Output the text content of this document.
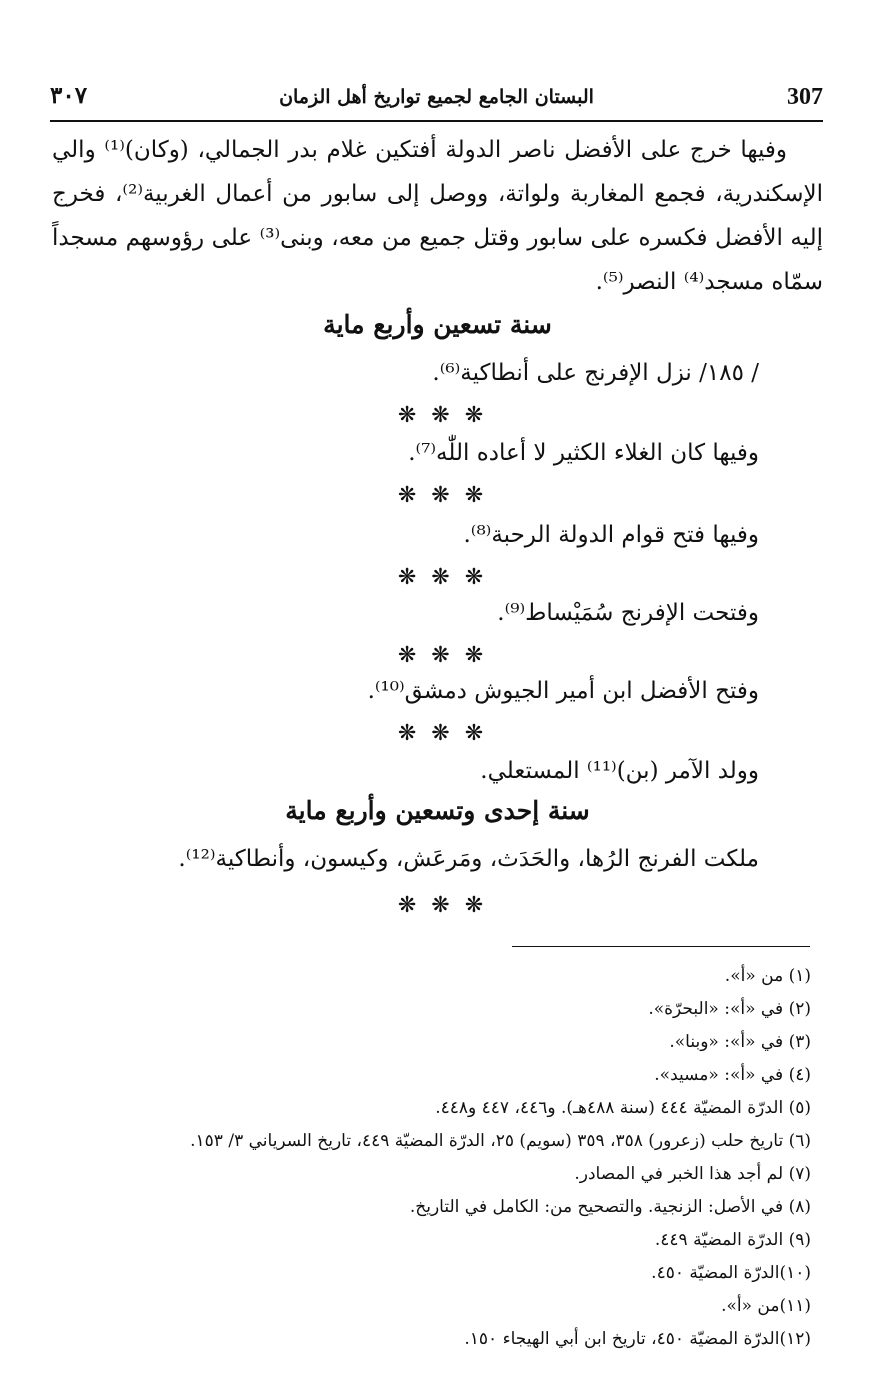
307
البستان الجامع لجميع تواريخ أهل الزمان
٣٠٧
وفيها خرج على الأفضل ناصر الدولة أفتكين غلام بدر الجمالي، (وكان)⁽¹⁾ والي الإسكندرية، فجمع المغاربة ولواتة، ووصل إلى سابور من أعمال الغربية⁽²⁾، فخرج إليه الأفضل فكسره على سابور وقتل جميع من معه، وبنى⁽³⁾ على رؤوسهم مسجداً سمّاه مسجد⁽⁴⁾ النصر⁽⁵⁾.
سنة تسعين وأربع ماية
/ ١٨٥/ نزل الإفرنج على أنطاكية⁽⁶⁾.
❋ ❋ ❋
وفيها كان الغلاء الكثير لا أعاده اللّٰه⁽⁷⁾.
❋ ❋ ❋
وفيها فتح قوام الدولة الرحبة⁽⁸⁾.
❋ ❋ ❋
وفتحت الإفرنج سُمَيْساط⁽⁹⁾.
❋ ❋ ❋
وفتح الأفضل ابن أمير الجيوش دمشق⁽¹⁰⁾.
❋ ❋ ❋
وولد الآمر (بن)⁽¹¹⁾ المستعلي.
سنة إحدى وتسعين وأربع ماية
ملكت الفرنج الرُها، والحَدَث، ومَرعَش، وكيسون، وأنطاكية⁽¹²⁾.
❋ ❋ ❋
(١) من «أ».
(٢) في «أ»: «البحرّة».
(٣) في «أ»: «وبنا».
(٤) في «أ»: «مسيد».
(٥) الدرّة المضيّة ٤٤٤ (سنة ٤٨٨هـ). و٤٤٦، ٤٤٧ و٤٤٨.
(٦) تاريخ حلب (زعرور) ٣٥٨، ٣٥٩ (سويم) ٢٥، الدرّة المضيّة ٤٤٩، تاريخ السرياني ٣/ ١٥٣.
(٧) لم أجد هذا الخبر في المصادر.
(٨) في الأصل: الزنجية. والتصحيح من: الكامل في التاريخ.
(٩) الدرّة المضيّة ٤٤٩.
(١٠)الدرّة المضيّة ٤٥٠.
(١١)من «أ».
(١٢)الدرّة المضيّة ٤٥٠، تاريخ ابن أبي الهيجاء ١٥٠.
